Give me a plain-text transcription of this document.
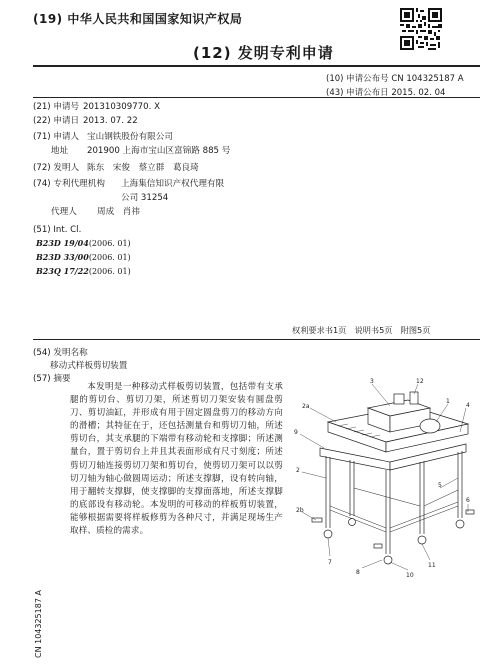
(19) 中华人民共和国国家知识产权局
(12) 发明专利申请
(10) 申请公布号 CN 104325187 A
(43) 申请公布日 2015. 02. 04
(21) 申请号 201310309770. X
(22) 申请日 2013. 07. 22
(71) 申请人 宝山钢铁股份有限公司
地址 201900 上海市宝山区富锦路 885 号
(72) 发明人 陈东　宋俊　蔡立群　葛良琦
(74) 专利代理机构 上海集信知识产权代理有限
公司 31254
代理人 周成　肖祎
(51) Int. Cl.
B23D 19/04(2006. 01)
B23D 33/00(2006. 01)
B23Q 17/22(2006. 01)
权利要求书1页　说明书5页　附图5页
(54) 发明名称
移动式样板剪切装置
(57) 摘要
本发明是一种移动式样板剪切装置，包括带有支承腿的剪切台、剪切刀架，所述剪切刀架安装有圆盘剪刀、剪切油缸，并形成有用于固定圆盘剪刀的移动方向的滑槽；其特征在于，还包括测量台和剪切刀轴，所述剪切台，其支承腿的下端带有移动轮和支撑脚；所述测量台，置于剪切台上并且其表面形成有尺寸刻度；所述剪切刀轴连接剪切刀架和剪切台，使剪切刀架可以以剪切刀轴为轴心做圆周运动；所述支撑脚，设有转向轴，用于翻转支撑脚，使支撑脚的支撑面落地，所述支撑脚的底部设有移动轮。本发明的可移动的样板剪切装置，能够根据需要将样板修剪为各种尺寸，并满足现场生产取样、质检的需求。
2a
3	12
1
4
9
2
2b
5
6
7
8	10
11
CN 104325187 A
